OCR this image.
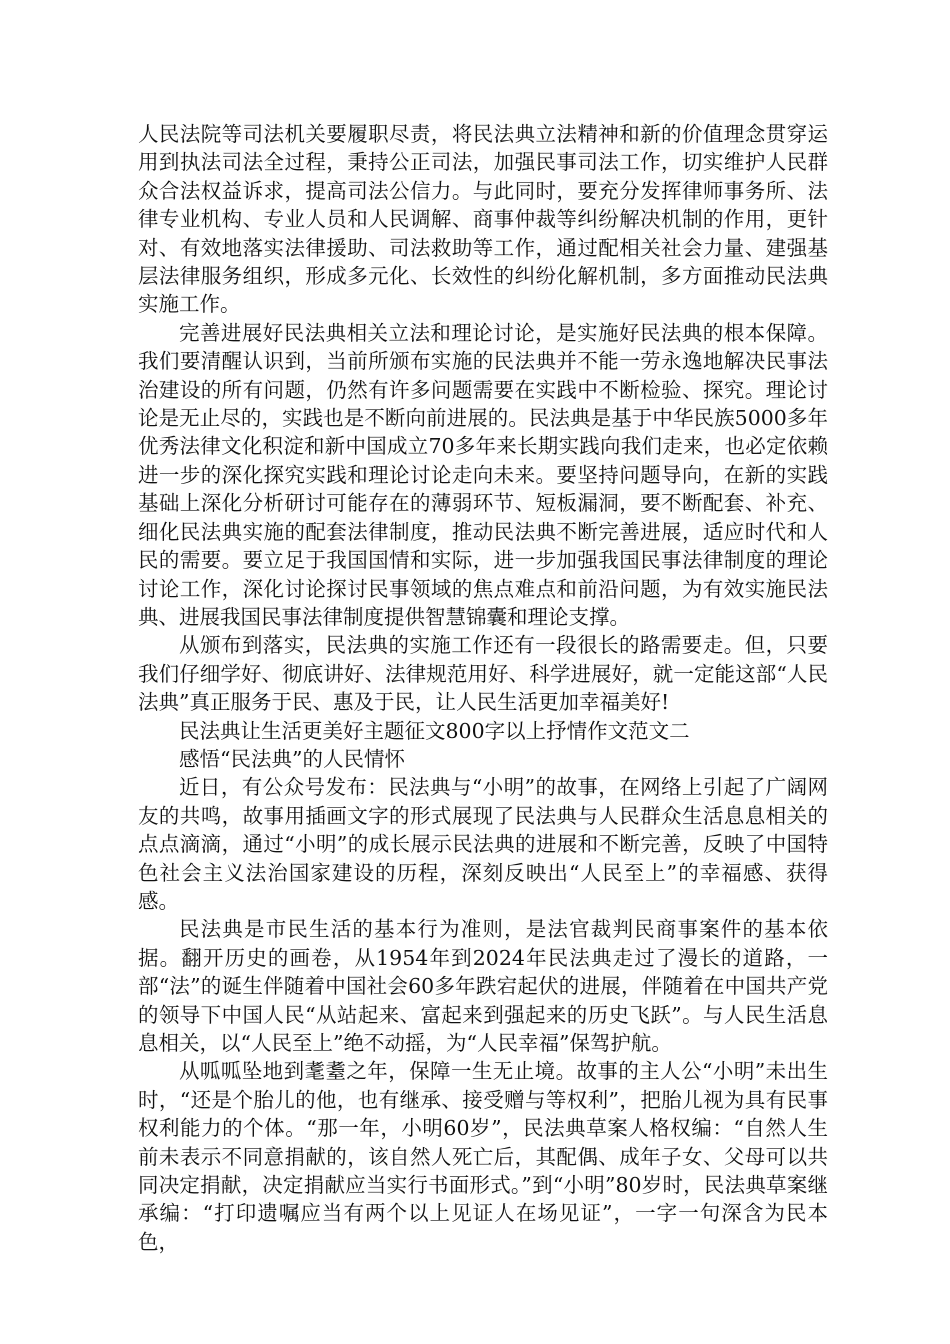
人民法院等司法机关要履职尽责，将民法典立法精神和新的价值理念贯穿运用到执法司法全过程，秉持公正司法，加强民事司法工作，切实维护人民群众合法权益诉求，提高司法公信力。与此同时，要充分发挥律师事务所、法律专业机构、专业人员和人民调解、商事仲裁等纠纷解决机制的作用，更针对、有效地落实法律援助、司法救助等工作，通过配相关社会力量、建强基层法律服务组织，形成多元化、长效性的纠纷化解机制，多方面推动民法典实施工作。

完善进展好民法典相关立法和理论讨论，是实施好民法典的根本保障。我们要清醒认识到，当前所颁布实施的民法典并不能一劳永逸地解决民事法治建设的所有问题，仍然有许多问题需要在实践中不断检验、探究。理论讨论是无止尽的，实践也是不断向前进展的。民法典是基于中华民族5000多年优秀法律文化积淀和新中国成立70多年来长期实践向我们走来，也必定依赖进一步的深化探究实践和理论讨论走向未来。要坚持问题导向，在新的实践基础上深化分析研讨可能存在的薄弱环节、短板漏洞，要不断配套、补充、细化民法典实施的配套法律制度，推动民法典不断完善进展，适应时代和人民的需要。要立足于我国国情和实际，进一步加强我国民事法律制度的理论讨论工作，深化讨论探讨民事领域的焦点难点和前沿问题，为有效实施民法典、进展我国民事法律制度提供智慧锦囊和理论支撑。

从颁布到落实，民法典的实施工作还有一段很长的路需要走。但，只要我们仔细学好、彻底讲好、法律规范用好、科学进展好，就一定能这部“人民法典”真正服务于民、惠及于民，让人民生活更加幸福美好!

民法典让生活更美好主题征文800字以上抒情作文范文二

感悟“民法典”的人民情怀

近日，有公众号发布：民法典与“小明”的故事，在网络上引起了广阔网友的共鸣，故事用插画文字的形式展现了民法典与人民群众生活息息相关的点点滴滴，通过“小明”的成长展示民法典的进展和不断完善，反映了中国特色社会主义法治国家建设的历程，深刻反映出“人民至上”的幸福感、获得感。

民法典是市民生活的基本行为准则，是法官裁判民商事案件的基本依据。翻开历史的画卷，从1954年到2024年民法典走过了漫长的道路，一部“法”的诞生伴随着中国社会60多年跌宕起伏的进展，伴随着在中国共产党的领导下中国人民“从站起来、富起来到强起来的历史飞跃”。与人民生活息息相关，以“人民至上”绝不动摇，为“人民幸福”保驾护航。

从呱呱坠地到耄耋之年，保障一生无止境。故事的主人公“小明”未出生时，“还是个胎儿的他，也有继承、接受赠与等权利”，把胎儿视为具有民事权利能力的个体。“那一年，小明60岁”，民法典草案人格权编：“自然人生前未表示不同意捐献的，该自然人死亡后，其配偶、成年子女、父母可以共同决定捐献，决定捐献应当实行书面形式。”到“小明”80岁时，民法典草案继承编：“打印遗嘱应当有两个以上见证人在场见证”，一字一句深含为民本色，
